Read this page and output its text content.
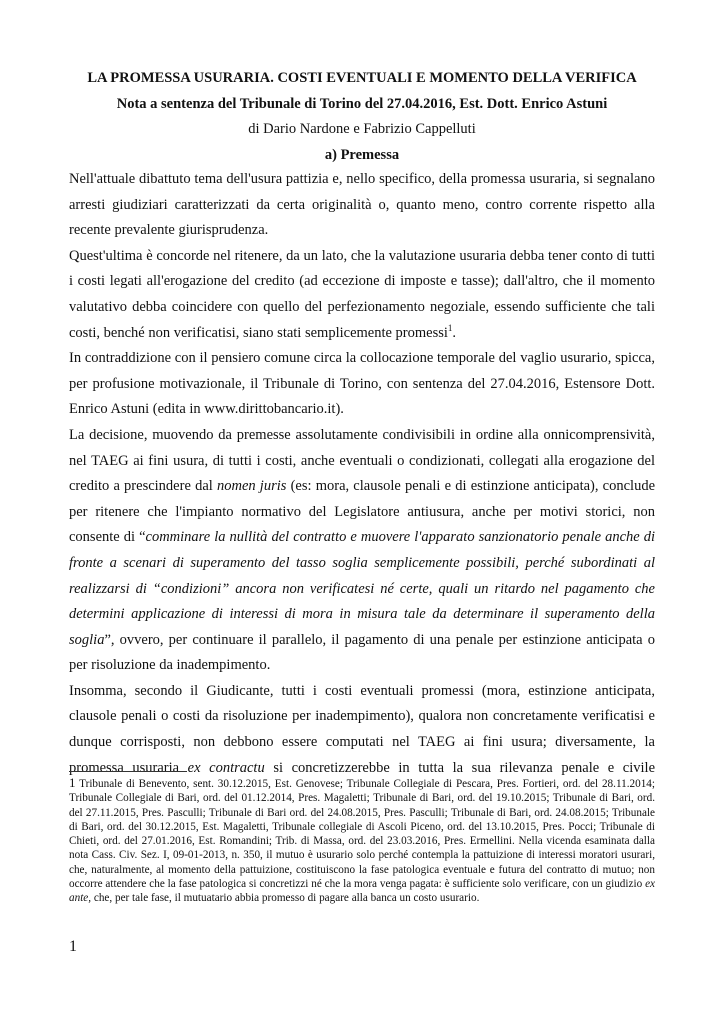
LA PROMESSA USURARIA. COSTI EVENTUALI E MOMENTO DELLA VERIFICA
Nota a sentenza del Tribunale di Torino del 27.04.2016, Est. Dott. Enrico Astuni
di Dario Nardone e Fabrizio Cappelluti
a) Premessa

Nell'attuale dibattuto tema dell'usura pattizia e, nello specifico, della promessa usuraria, si segnalano arresti giudiziari caratterizzati da certa originalità o, quanto meno, contro corrente rispetto alla recente prevalente giurisprudenza.

Quest'ultima è concorde nel ritenere, da un lato, che la valutazione usuraria debba tener conto di tutti i costi legati all'erogazione del credito (ad eccezione di imposte e tasse); dall'altro, che il momento valutativo debba coincidere con quello del perfezionamento negoziale, essendo sufficiente che tali costi, benché non verificatisi, siano stati semplicemente promessi$^1$.

In contraddizione con il pensiero comune circa la collocazione temporale del vaglio usurario, spicca, per profusione motivazionale, il Tribunale di Torino, con sentenza del 27.04.2016, Estensore Dott. Enrico Astuni (edita in www.dirittobancario.it).

La decisione, muovendo da premesse assolutamente condivisibili in ordine alla onnicomprensività, nel TAEG ai fini usura, di tutti i costi, anche eventuali o condizionati, collegati alla erogazione del credito a prescindere dal nomen juris (es: mora, clausole penali e di estinzione anticipata), conclude per ritenere che l'impianto normativo del Legislatore antiusura, anche per motivi storici, non consente di “comminare la nullità del contratto e muovere l'apparato sanzionatorio penale anche di fronte a scenari di superamento del tasso soglia semplicemente possibili, perché subordinati al realizzarsi di “condizioni” ancora non verificatesi né certe, quali un ritardo nel pagamento che determini applicazione di interessi di mora in misura tale da determinare il superamento della soglia”, ovvero, per continuare il parallelo, il pagamento di una penale per estinzione anticipata o per risoluzione da inadempimento.

Insomma, secondo il Giudicante, tutti i costi eventuali promessi (mora, estinzione anticipata, clausole penali o costi da risoluzione per inadempimento), qualora non concretamente verificatisi e dunque corrisposti, non debbono essere computati nel TAEG ai fini usura; diversamente, la promessa usuraria ex contractu si concretizzerebbe in tutta la sua rilevanza penale e civile

1 Tribunale di Benevento, sent. 30.12.2015, Est. Genovese; Tribunale Collegiale di Pescara, Pres. Fortieri, ord. del 28.11.2014; Tribunale Collegiale di Bari, ord. del 01.12.2014, Pres. Magaletti; Tribunale di Bari, ord. del 19.10.2015; Tribunale di Bari, ord. del 27.11.2015, Pres. Pasculli; Tribunale di Bari ord. del 24.08.2015, Pres. Pasculli; Tribunale di Bari, ord. 24.08.2015; Tribunale di Bari, ord. del 30.12.2015, Est. Magaletti, Tribunale collegiale di Ascoli Piceno, ord. del 13.10.2015, Pres. Pocci; Tribunale di Chieti, ord. del 27.01.2016, Est. Romandini; Trib. di Massa, ord. del 23.03.2016, Pres. Ermellini. Nella vicenda esaminata dalla nota Cass. Civ. Sez. I, 09-01-2013, n. 350, il mutuo è usurario solo perché contempla la pattuizione di interessi moratori usurari, che, naturalmente, al momento della pattuizione, costituiscono la fase patologica eventuale e futura del contratto di mutuo; non occorre attendere che la fase patologica si concretizzi né che la mora venga pagata: è sufficiente solo verificare, con un giudizio ex ante, che, per tale fase, il mutuatario abbia promesso di pagare alla banca un costo usurario.
1
